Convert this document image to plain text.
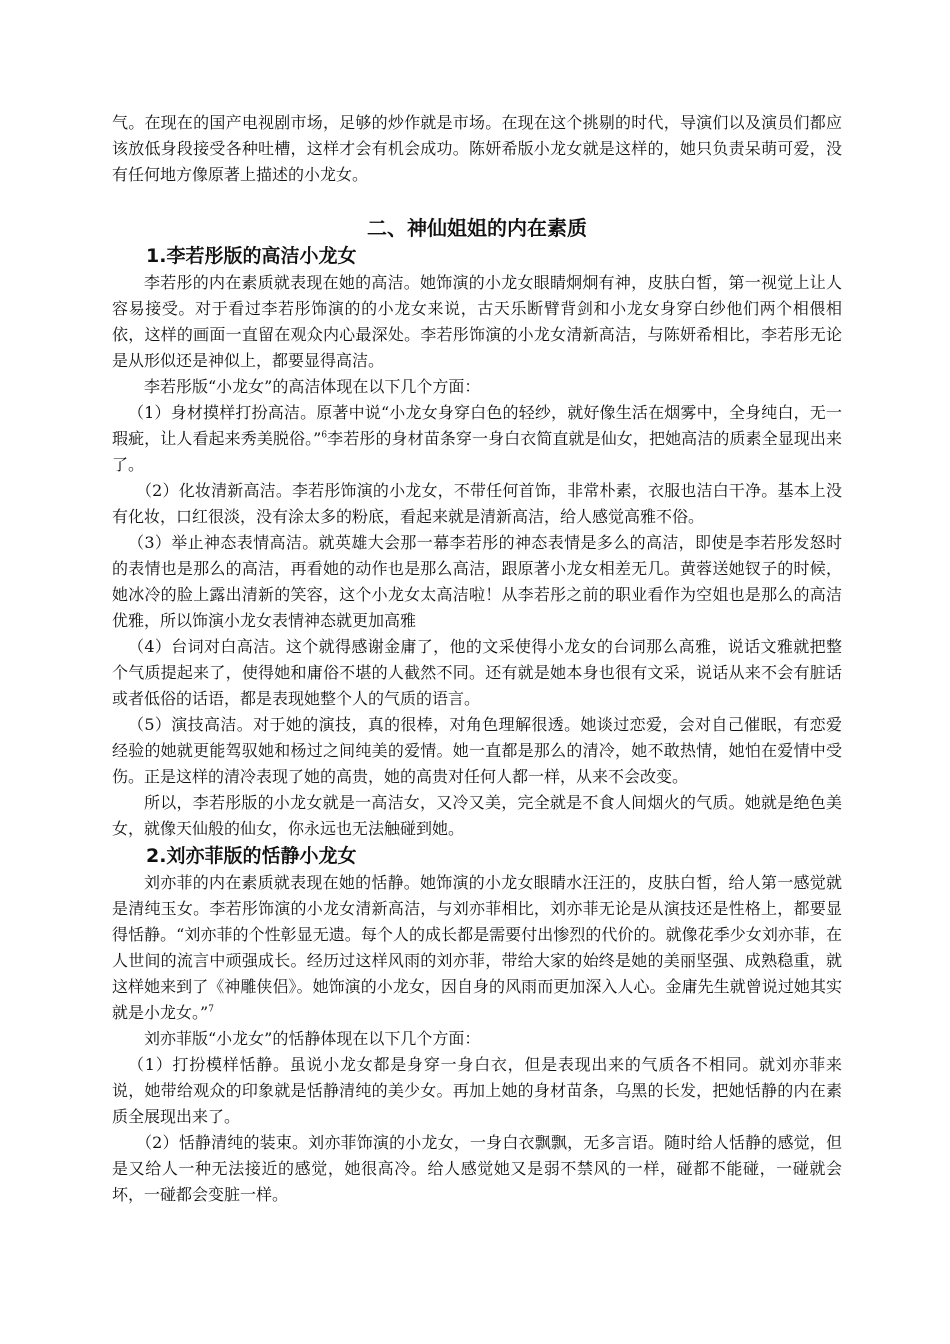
气。在现在的国产电视剧市场，足够的炒作就是市场。在现在这个挑剔的时代，导演们以及演员们都应该放低身段接受各种吐槽，这样才会有机会成功。陈妍希版小龙女就是这样的，她只负责呆萌可爱，没有任何地方像原著上描述的小龙女。

二、神仙姐姐的内在素质
1.李若彤版的高洁小龙女

李若彤的内在素质就表现在她的高洁。她饰演的小龙女眼睛炯炯有神，皮肤白皙，第一视觉上让人容易接受。对于看过李若彤饰演的的小龙女来说，古天乐断臂背剑和小龙女身穿白纱他们两个相偎相依，这样的画面一直留在观众内心最深处。李若彤饰演的小龙女清新高洁，与陈妍希相比，李若彤无论是从形似还是神似上，都要显得高洁。

李若彤版“小龙女”的高洁体现在以下几个方面：

（1）身材摸样打扮高洁。原著中说“小龙女身穿白色的轻纱，就好像生活在烟雾中，全身纯白，无一瑕疵，让人看起来秀美脱俗。”$^6$李若彤的身材苗条穿一身白衣简直就是仙女，把她高洁的质素全显现出来了。

（2）化妆清新高洁。李若彤饰演的小龙女，不带任何首饰，非常朴素，衣服也洁白干净。基本上没有化妆，口红很淡，没有涂太多的粉底，看起来就是清新高洁，给人感觉高雅不俗。

（3）举止神态表情高洁。就英雄大会那一幕李若彤的神态表情是多么的高洁，即使是李若彤发怒时的表情也是那么的高洁，再看她的动作也是那么高洁，跟原著小龙女相差无几。黄蓉送她钗子的时候，她冰冷的脸上露出清新的笑容，这个小龙女太高洁啦！从李若彤之前的职业看作为空姐也是那么的高洁优雅，所以饰演小龙女表情神态就更加高雅

（4）台词对白高洁。这个就得感谢金庸了，他的文采使得小龙女的台词那么高雅，说话文雅就把整个气质提起来了，使得她和庸俗不堪的人截然不同。还有就是她本身也很有文采，说话从来不会有脏话或者低俗的话语，都是表现她整个人的气质的语言。

（5）演技高洁。对于她的演技，真的很棒，对角色理解很透。她谈过恋爱，会对自己催眠，有恋爱经验的她就更能驾驭她和杨过之间纯美的爱情。她一直都是那么的清冷，她不敢热情，她怕在爱情中受伤。正是这样的清冷表现了她的高贵，她的高贵对任何人都一样，从来不会改变。

所以，李若彤版的小龙女就是一高洁女，又冷又美，完全就是不食人间烟火的气质。她就是绝色美女，就像天仙般的仙女，你永远也无法触碰到她。

2.刘亦菲版的恬静小龙女

刘亦菲的内在素质就表现在她的恬静。她饰演的小龙女眼睛水汪汪的，皮肤白皙，给人第一感觉就是清纯玉女。李若彤饰演的小龙女清新高洁，与刘亦菲相比，刘亦菲无论是从演技还是性格上，都要显得恬静。“刘亦菲的个性彰显无遗。每个人的成长都是需要付出惨烈的代价的。就像花季少女刘亦菲，在人世间的流言中顽强成长。经历过这样风雨的刘亦菲，带给大家的始终是她的美丽坚强、成熟稳重，就这样她来到了《神雕侠侣》。她饰演的小龙女，因自身的风雨而更加深入人心。金庸先生就曾说过她其实就是小龙女。”$^7$

刘亦菲版“小龙女”的恬静体现在以下几个方面：

（1）打扮模样恬静。虽说小龙女都是身穿一身白衣，但是表现出来的气质各不相同。就刘亦菲来说，她带给观众的印象就是恬静清纯的美少女。再加上她的身材苗条，乌黑的长发，把她恬静的内在素质全展现出来了。

（2）恬静清纯的装束。刘亦菲饰演的小龙女，一身白衣飘飘，无多言语。随时给人恬静的感觉，但是又给人一种无法接近的感觉，她很高冷。给人感觉她又是弱不禁风的一样，碰都不能碰，一碰就会坏，一碰都会变脏一样。
